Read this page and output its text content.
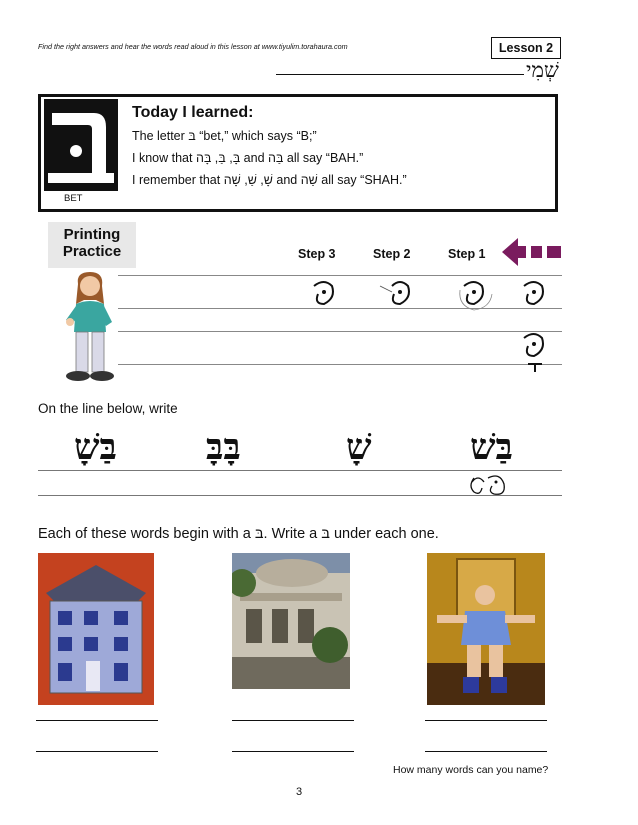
Find the right answers and hear the words read aloud in this lesson at www.tiyulim.torahaura.com	Lesson 2
שְׁמִי
BET
Today I learned:
The letter בּ “bet,” which says “B;”
I know that בָּ, בַּ, בָּה and בַּה all say “BAH.”
I remember that שָׁ, שַׁ, שָׁה and שַׁה all say “SHAH.”
Printing
Practice	Step 3	Step 2	Step 1
On the line below, write
בַּשָׁ בָּבָּ	שָׁ	בַּשׁ
Each of these words begin with a בּ. Write a בּ under each one.
How many words can you name?
3
